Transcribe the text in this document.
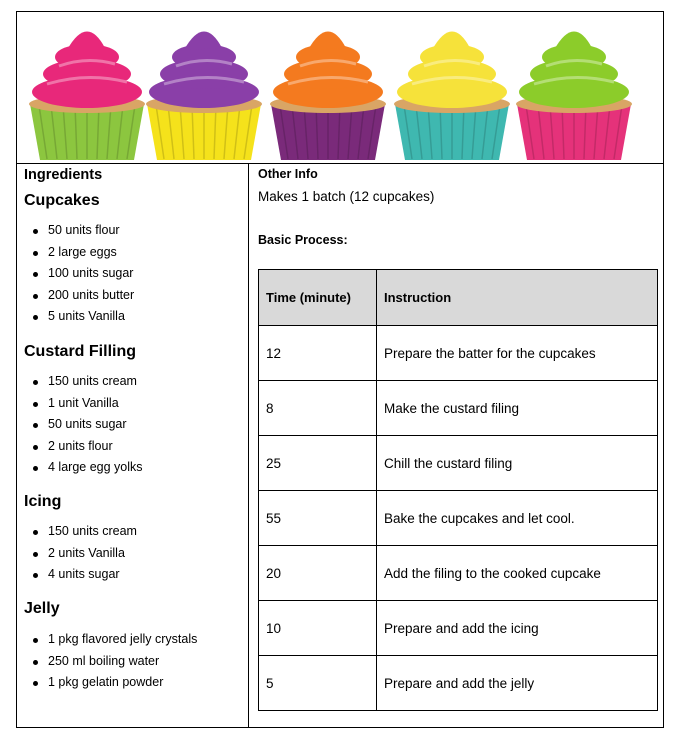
Ingredients
Cupcakes
50 units flour
2 large eggs
100 units sugar
200 units butter
5 units Vanilla
Custard Filling
150 units cream
1 unit Vanilla
50 units sugar
2 units flour
4 large egg yolks
Icing
150 units cream
2 units Vanilla
4 units sugar
Jelly
1 pkg flavored jelly crystals
250 ml boiling water
1 pkg gelatin powder
Other Info
Makes 1 batch (12 cupcakes)
Basic Process:
Time (minute)	Instruction
12	Prepare the batter for the cupcakes
8	Make the custard filing
25	Chill the custard filing
55	Bake the cupcakes and let cool.
20	Add the filing to the cooked cupcake
10	Prepare and add the icing
5	Prepare and add the jelly
